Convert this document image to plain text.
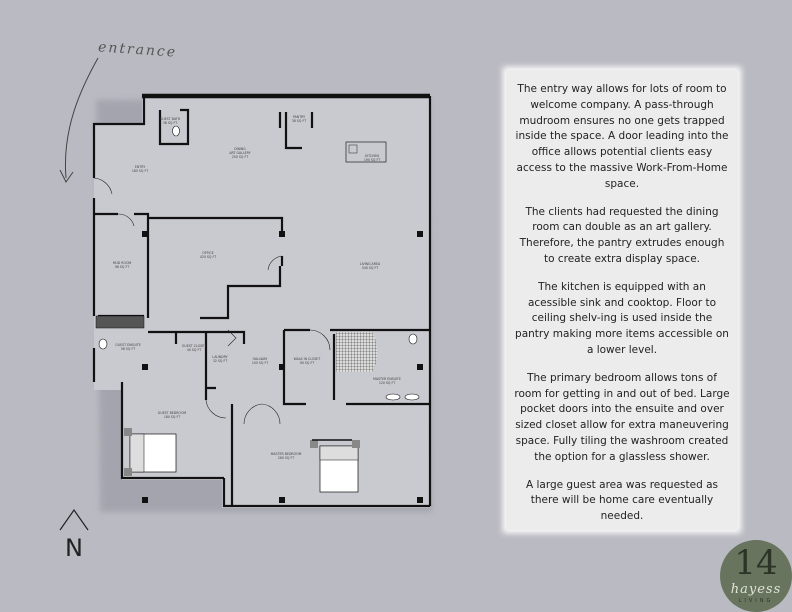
entrance
GUEST BATH 38 SQ FT
ENTRY 180 SQ FT
DINING ART GALLERY 250 SQ FT
PANTRY 38 SQ FT
KITCHEN 190 SQ FT
MUD ROOM 98 SQ FT
OFFICE 420 SQ FT
LIVING AREA 540 SQ FT
GUEST ENSUITE 56 SQ FT
GUEST CLOSET 40 SQ FT
LAUNDRY 32 SQ FT	HALLWAY 100 SQ FT
WALK IN CLOSET 90 SQ FT
MASTER ENSUITE 120 SQ FT
GUEST BEDROOM 180 SQ FT
MASTER BEDROOM 260 SQ FT
N

The entry way allows for lots of room to welcome company. A pass-through mudroom ensures no one gets trapped inside the space. A door leading into the office allows potential clients easy access to the massive Work-From-Home space.

The clients had requested the dining room can double as an art gallery. Therefore, the pantry extrudes enough to create extra display space.

The kitchen is equipped with an acessible sink and cooktop. Floor to ceiling shelv-ing is used inside the pantry making more items accessible on a lower level.

The primary bedroom allows tons of room for getting in and out of bed. Large pocket doors into the ensuite and over sized closet allow for extra maneuvering space. Fully tiling the washroom created the option for a glassless shower.

A large guest area was requested as there will be home care eventually needed.

14
hayess
LIVING
